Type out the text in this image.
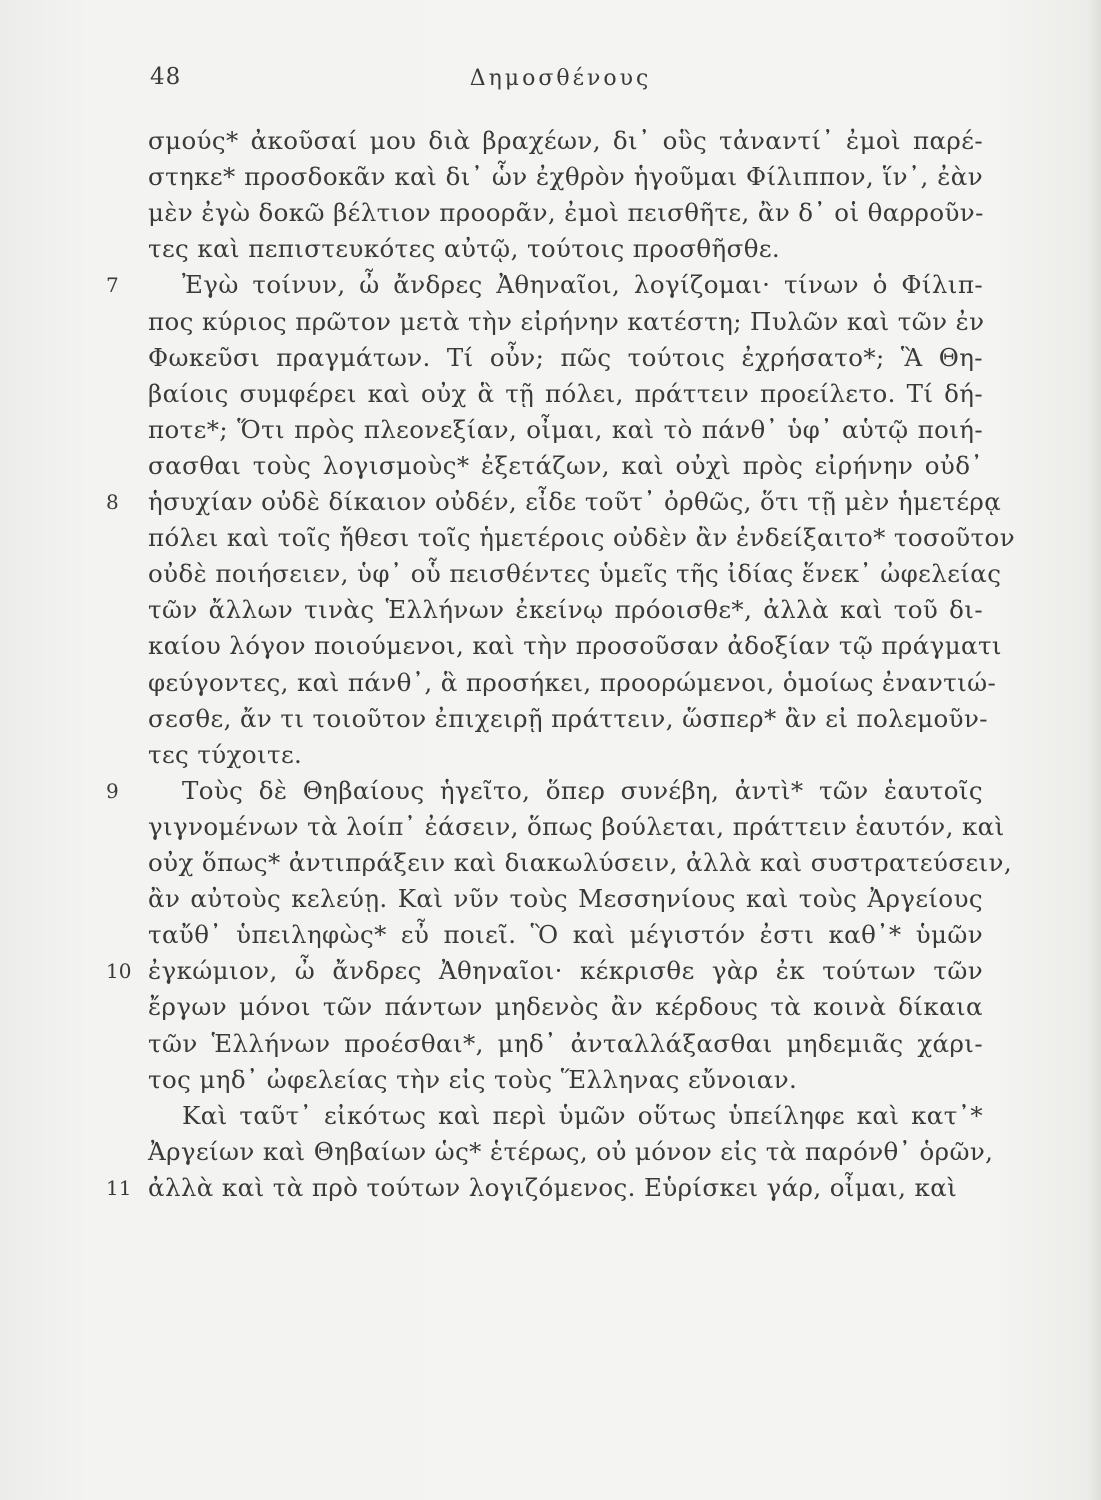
48	Δημοσθένους
σμούς* ἀκοῦσαί μου διὰ βραχέων, δι᾽ οὓς τἀναντί᾽ ἐμοὶ παρέ-
στηκε* προσδοκᾶν καὶ δι᾽ ὧν ἐχθρὸν ἡγοῦμαι Φίλιππον, ἵν᾽, ἐὰν
μὲν ἐγὼ δοκῶ βέλτιον προορᾶν, ἐμοὶ πεισθῆτε, ἂν δ᾽ οἱ θαρροῦν-
τες καὶ πεπιστευκότες αὐτῷ, τούτοις προσθῆσθε.
Ἐγὼ τοίνυν, ὦ ἄνδρες Ἀθηναῖοι, λογίζομαι· τίνων ὁ Φίλιπ-
πος κύριος πρῶτον μετὰ τὴν εἰρήνην κατέστη; Πυλῶν καὶ τῶν ἐν
Φωκεῦσι πραγμάτων. Τί οὖν; πῶς τούτοις ἐχρήσατο*; Ἃ Θη-
βαίοις συμφέρει καὶ οὐχ ἃ τῇ πόλει, πράττειν προείλετο. Τί δή-
ποτε*; Ὅτι πρὸς πλεονεξίαν, οἶμαι, καὶ τὸ πάνθ᾽ ὑφ᾽ αὑτῷ ποιή-
σασθαι τοὺς λογισμοὺς* ἐξετάζων, καὶ οὐχὶ πρὸς εἰρήνην οὐδ᾽
ἡσυχίαν οὐδὲ δίκαιον οὐδέν, εἶδε τοῦτ᾽ ὀρθῶς, ὅτι τῇ μὲν ἡμετέρᾳ
πόλει καὶ τοῖς ἤθεσι τοῖς ἡμετέροις οὐδὲν ἂν ἐνδείξαιτο* τοσοῦτον
οὐδὲ ποιήσειεν, ὑφ᾽ οὗ πεισθέντες ὑμεῖς τῆς ἰδίας ἕνεκ᾽ ὠφελείας
τῶν ἄλλων τινὰς Ἑλλήνων ἐκείνῳ πρόοισθε*, ἀλλὰ καὶ τοῦ δι-
καίου λόγον ποιούμενοι, καὶ τὴν προσοῦσαν ἀδοξίαν τῷ πράγματι
φεύγοντες, καὶ πάνθ᾽, ἃ προσήκει, προορώμενοι, ὁμοίως ἐναντιώ-
σεσθε, ἄν τι τοιοῦτον ἐπιχειρῇ πράττειν, ὥσπερ* ἂν εἰ πολεμοῦν-
τες τύχοιτε.
Τοὺς δὲ Θηβαίους ἡγεῖτο, ὅπερ συνέβη, ἀντὶ* τῶν ἑαυτοῖς
γιγνομένων τὰ λοίπ᾽ ἐάσειν, ὅπως βούλεται, πράττειν ἑαυτόν, καὶ
οὐχ ὅπως* ἀντιπράξειν καὶ διακωλύσειν, ἀλλὰ καὶ συστρατεύσειν,
ἂν αὐτοὺς κελεύῃ. Καὶ νῦν τοὺς Μεσσηνίους καὶ τοὺς Ἀργείους
ταὔθ᾽ ὑπειληφὼς* εὖ ποιεῖ. Ὃ καὶ μέγιστόν ἐστι καθ᾽* ὑμῶν
ἐγκώμιον, ὦ ἄνδρες Ἀθηναῖοι· κέκρισθε γὰρ ἐκ τούτων τῶν
ἔργων μόνοι τῶν πάντων μηδενὸς ἂν κέρδους τὰ κοινὰ δίκαια
τῶν Ἑλλήνων προέσθαι*, μηδ᾽ ἀνταλλάξασθαι μηδεμιᾶς χάρι-
τος μηδ᾽ ὠφελείας τὴν εἰς τοὺς Ἕλληνας εὔνοιαν.
Καὶ ταῦτ᾽ εἰκότως καὶ περὶ ὑμῶν οὕτως ὑπείληφε καὶ κατ᾽*
Ἀργείων καὶ Θηβαίων ὡς* ἑτέρως, οὐ μόνον εἰς τὰ παρόνθ᾽ ὁρῶν,
ἀλλὰ καὶ τὰ πρὸ τούτων λογιζόμενος. Εὑρίσκει γάρ, οἶμαι, καὶ
7
8
9
10
11
